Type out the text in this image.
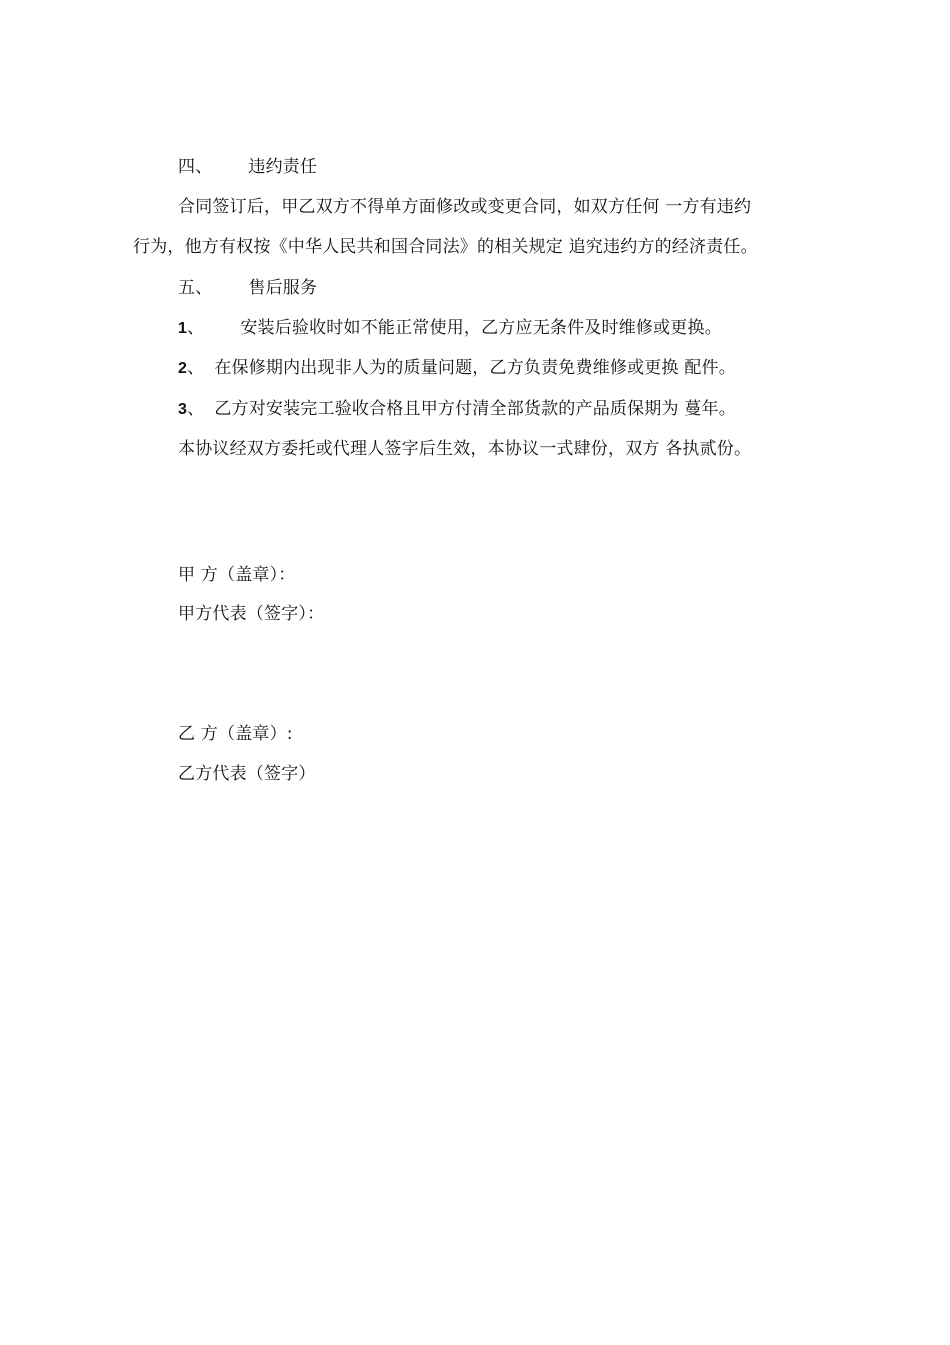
四、 违约责任
合同签订后，甲乙双方不得单方面修改或变更合同，如双方任何 一方有违约
行为，他方有权按《中华人民共和国合同法》的相关规定 追究违约方的经济责任。
五、 售后服务
1、 安装后验收时如不能正常使用，乙方应无条件及时维修或更换。
2、 在保修期内出现非人为的质量问题，乙方负责免费维修或更换 配件。
3、 乙方对安装完工验收合格且甲方付清全部货款的产品质保期为 蔓年。
本协议经双方委托或代理人签字后生效，本协议一式肆份，双方 各执贰份。
甲 方（盖章）：
甲方代表（签字）：
乙 方（盖章）:
乙方代表（签字）
